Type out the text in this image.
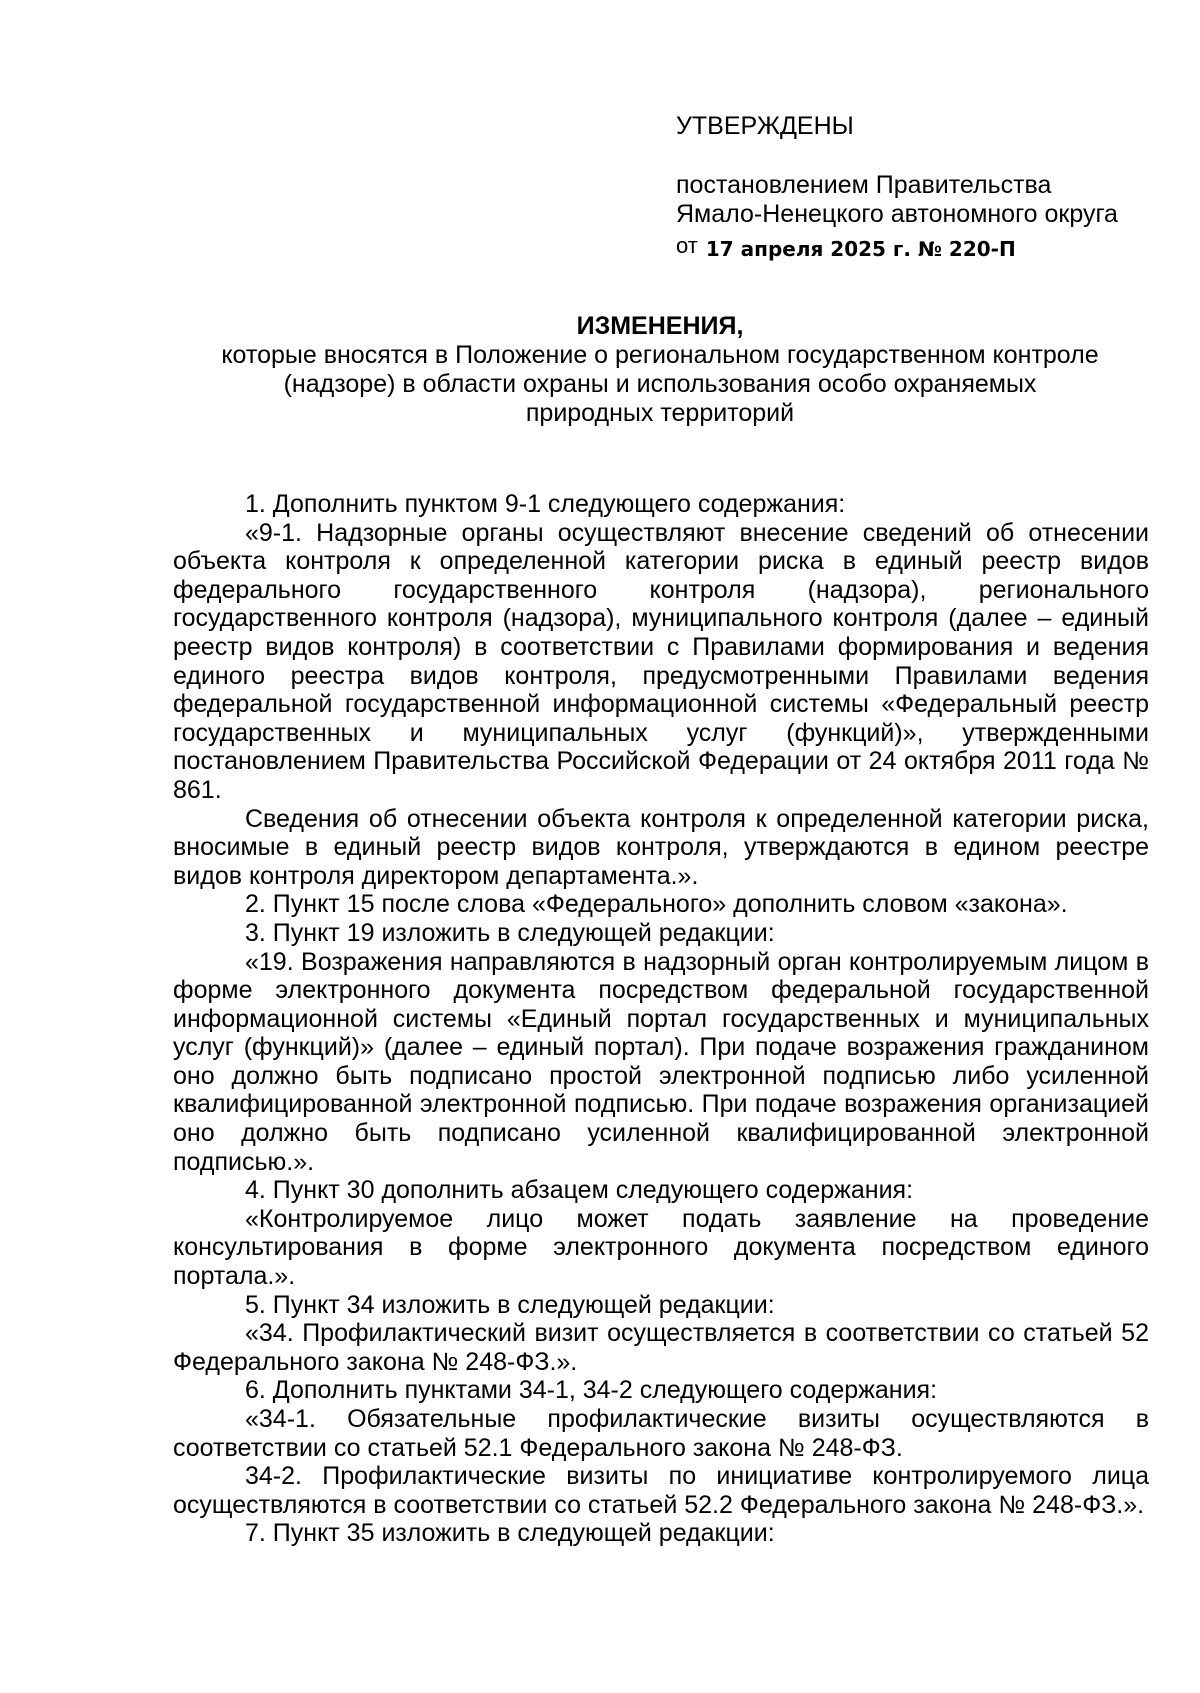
УТВЕРЖДЕНЫ
постановлением Правительства
Ямало-Ненецкого автономного округа
от 17 апреля 2025 г. № 220-П
ИЗМЕНЕНИЯ,
которые вносятся в Положение о региональном государственном контроле
(надзоре) в области охраны и использования особо охраняемых
природных территорий

1. Дополнить пунктом 9-1 следующего содержания:

«9-1. Надзорные органы осуществляют внесение сведений об отнесении объекта контроля к определенной категории риска в единый реестр видов федерального государственного контроля (надзора), регионального государственного контроля (надзора), муниципального контроля (далее – единый реестр видов контроля) в соответствии с Правилами формирования и ведения единого реестра видов контроля, предусмотренными Правилами ведения федеральной государственной информационной системы «Федеральный реестр государственных и муниципальных услуг (функций)», утвержденными постановлением Правительства Российской Федерации от 24 октября 2011 года № 861.

Сведения об отнесении объекта контроля к определенной категории риска, вносимые в единый реестр видов контроля, утверждаются в едином реестре видов контроля директором департамента.».

2. Пункт 15 после слова «Федерального» дополнить словом «закона».

3. Пункт 19 изложить в следующей редакции:

«19. Возражения направляются в надзорный орган контролируемым лицом в форме электронного документа посредством федеральной государственной информационной системы «Единый портал государственных и муниципальных услуг (функций)» (далее – единый портал). При подаче возражения гражданином оно должно быть подписано простой электронной подписью либо усиленной квалифицированной электронной подписью. При подаче возражения организацией оно должно быть подписано усиленной квалифицированной электронной подписью.».

4. Пункт 30 дополнить абзацем следующего содержания:

«Контролируемое лицо может подать заявление на проведение консультирования в форме электронного документа посредством единого портала.».

5. Пункт 34 изложить в следующей редакции:

«34. Профилактический визит осуществляется в соответствии со статьей 52 Федерального закона № 248-ФЗ.».

6. Дополнить пунктами 34-1, 34-2 следующего содержания:

«34-1. Обязательные профилактические визиты осуществляются в соответствии со статьей 52.1 Федерального закона № 248-ФЗ.

34-2. Профилактические визиты по инициативе контролируемого лица осуществляются в соответствии со статьей 52.2 Федерального закона № 248-ФЗ.».

7. Пункт 35 изложить в следующей редакции:
